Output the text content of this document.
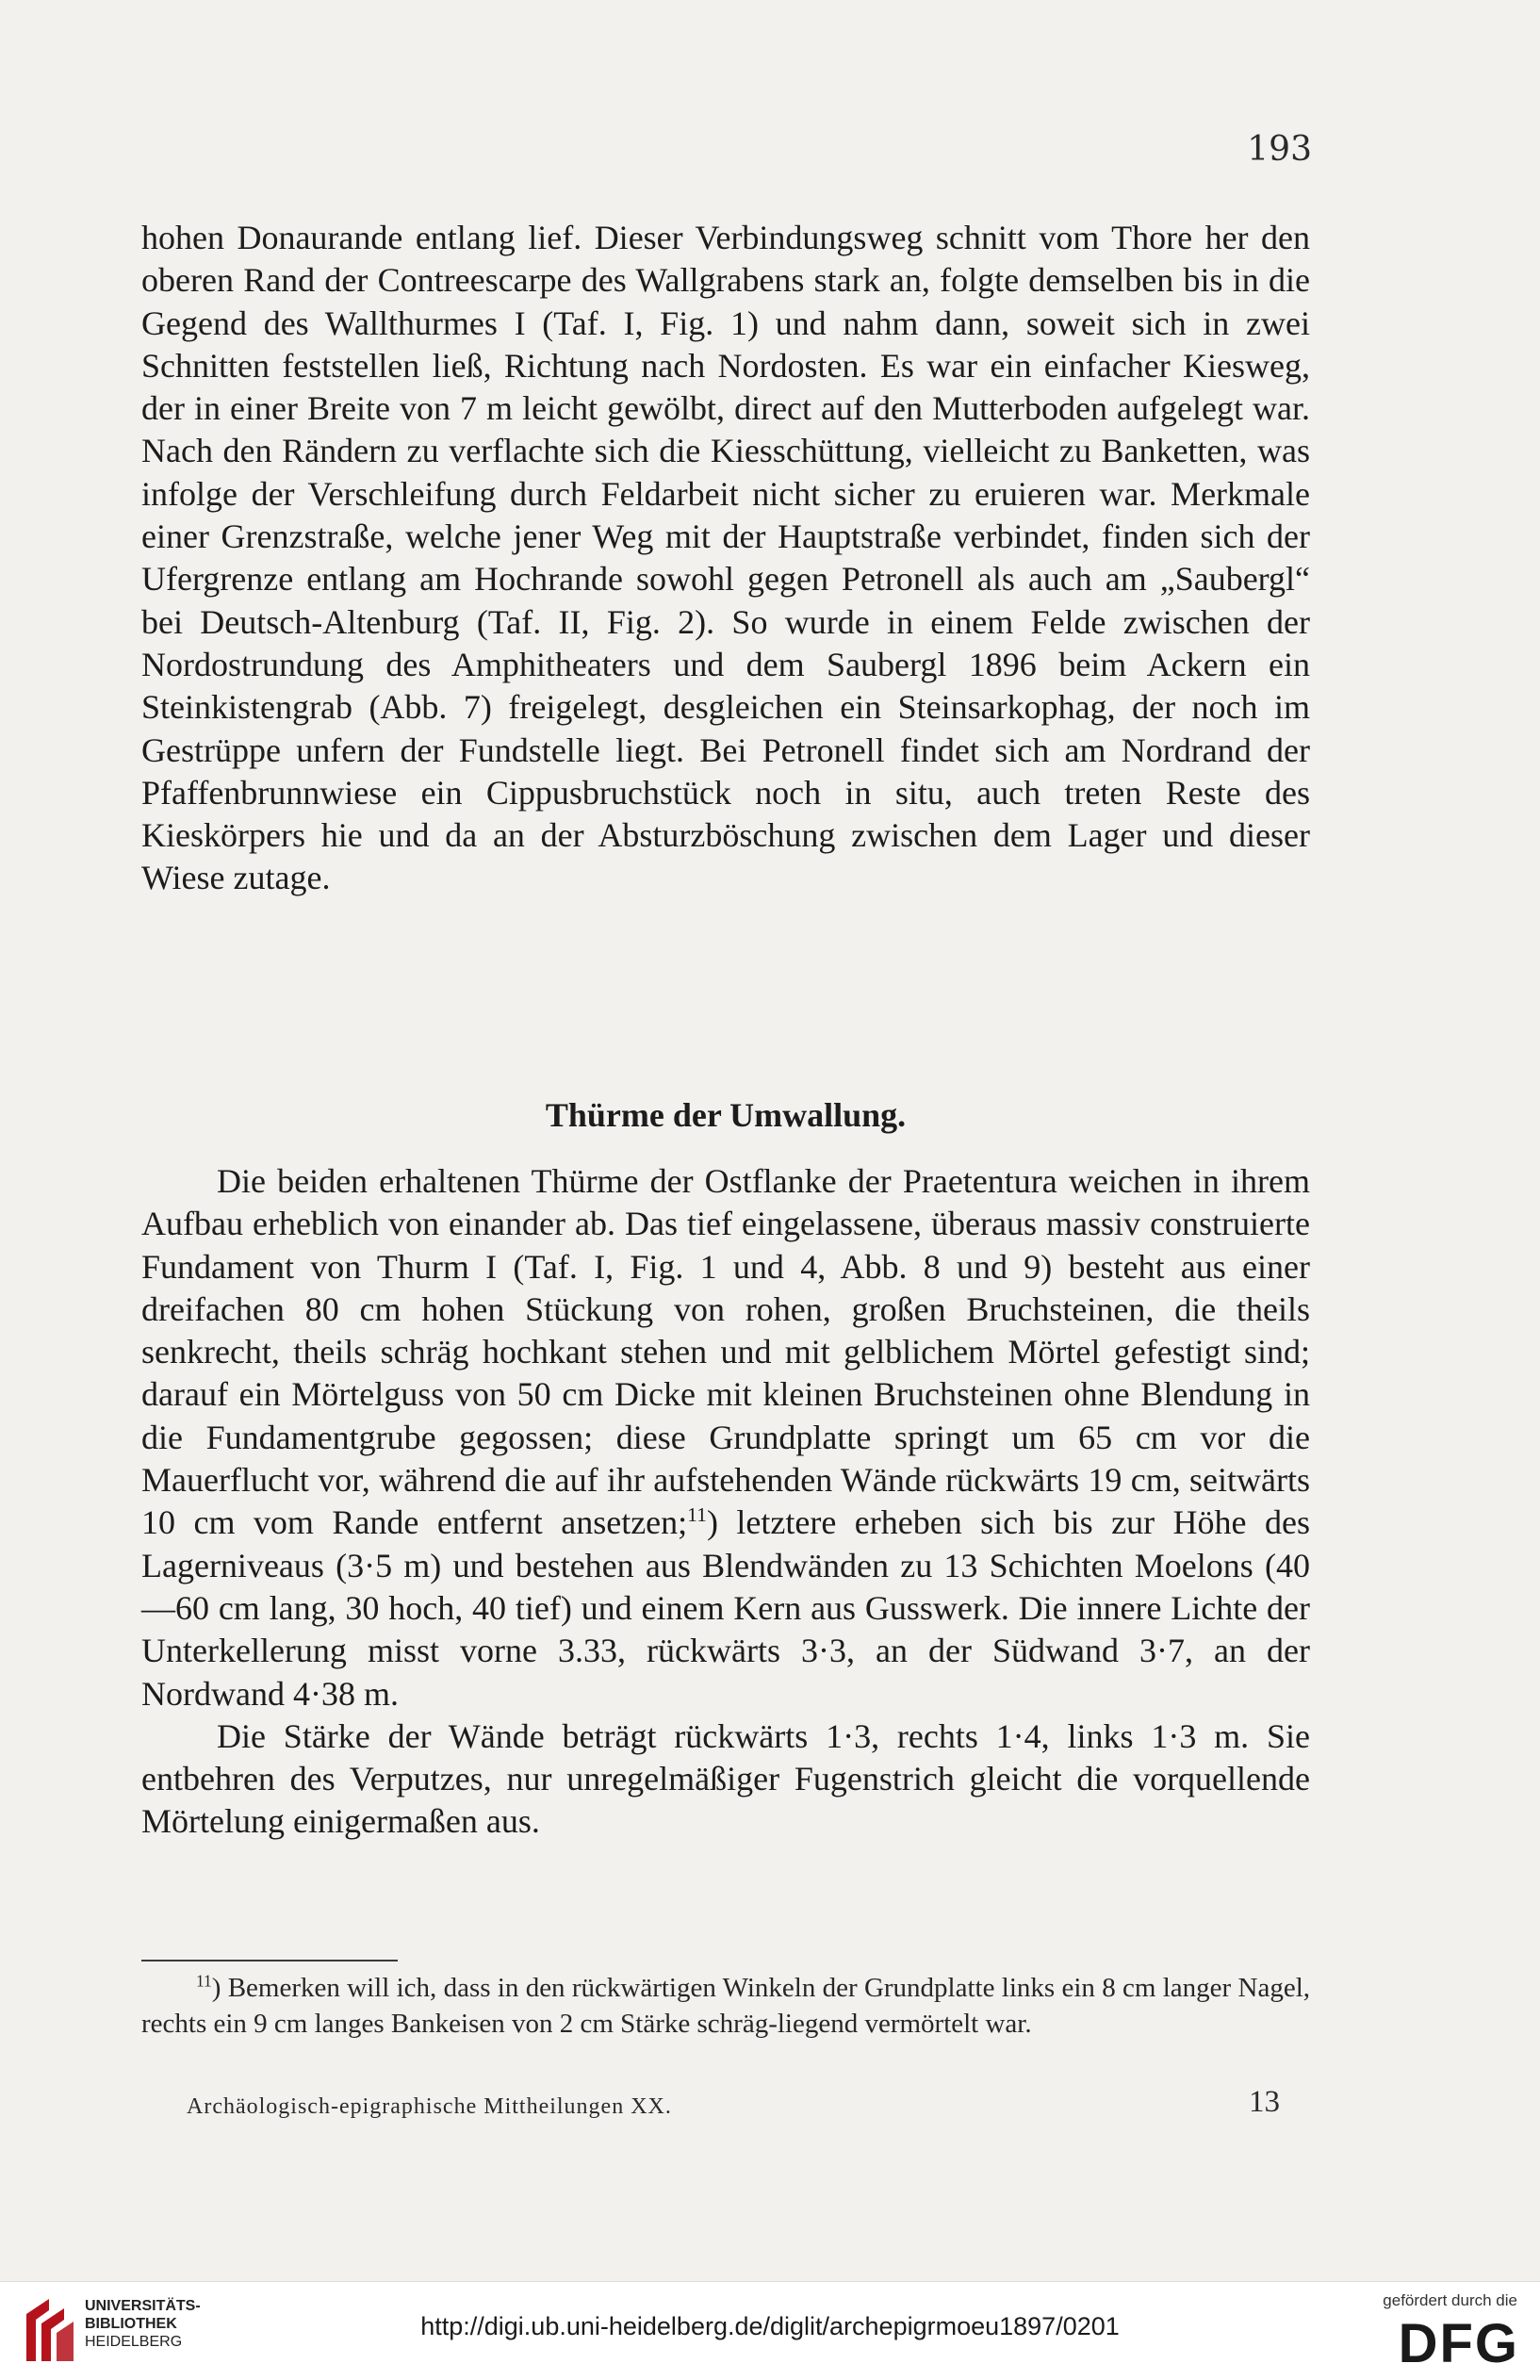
193

hohen Donaurande entlang lief. Dieser Verbindungsweg schnitt vom Thore her den oberen Rand der Contreescarpe des Wallgrabens stark an, folgte demselben bis in die Gegend des Wallthurmes I (Taf. I, Fig. 1) und nahm dann, soweit sich in zwei Schnitten feststellen ließ, Richtung nach Nordosten. Es war ein einfacher Kiesweg, der in einer Breite von 7 m leicht gewölbt, direct auf den Mutterboden aufgelegt war. Nach den Rändern zu verflachte sich die Kiesschüttung, vielleicht zu Banketten, was infolge der Verschleifung durch Feldarbeit nicht sicher zu eruieren war. Merkmale einer Grenzstraße, welche jener Weg mit der Hauptstraße verbindet, finden sich der Ufergrenze entlang am Hochrande sowohl gegen Petronell als auch am „Saubergl“ bei Deutsch-Altenburg (Taf. II, Fig. 2). So wurde in einem Felde zwischen der Nordostrundung des Amphitheaters und dem Saubergl 1896 beim Ackern ein Steinkistengrab (Abb. 7) freigelegt, desgleichen ein Steinsarkophag, der noch im Gestrüppe unfern der Fundstelle liegt. Bei Petronell findet sich am Nordrand der Pfaffenbrunnwiese ein Cippusbruchstück noch in situ, auch treten Reste des Kieskörpers hie und da an der Absturzböschung zwischen dem Lager und dieser Wiese zutage.

Thürme der Umwallung.

Die beiden erhaltenen Thürme der Ostflanke der Praetentura weichen in ihrem Aufbau erheblich von einander ab. Das tief eingelassene, überaus massiv construierte Fundament von Thurm I (Taf. I, Fig. 1 und 4, Abb. 8 und 9) besteht aus einer dreifachen 80 cm hohen Stückung von rohen, großen Bruchsteinen, die theils senkrecht, theils schräg hochkant stehen und mit gelblichem Mörtel gefestigt sind; darauf ein Mörtelguss von 50 cm Dicke mit kleinen Bruchsteinen ohne Blendung in die Fundamentgrube gegossen; diese Grundplatte springt um 65 cm vor die Mauerflucht vor, während die auf ihr aufstehenden Wände rückwärts 19 cm, seitwärts 10 cm vom Rande entfernt ansetzen;$^{11}$) letztere erheben sich bis zur Höhe des Lagerniveaus (3·5 m) und bestehen aus Blendwänden zu 13 Schichten Moelons (40—60 cm lang, 30 hoch, 40 tief) und einem Kern aus Gusswerk. Die innere Lichte der Unterkellerung misst vorne 3.33, rückwärts 3·3, an der Südwand 3·7, an der Nordwand 4·38 m.

Die Stärke der Wände beträgt rückwärts 1·3, rechts 1·4, links 1·3 m. Sie entbehren des Verputzes, nur unregelmäßiger Fugenstrich gleicht die vorquellende Mörtelung einigermaßen aus.

$^{11}$) Bemerken will ich, dass in den rückwärtigen Winkeln der Grundplatte links ein 8 cm langer Nagel, rechts ein 9 cm langes Bankeisen von 2 cm Stärke schräg-liegend vermörtelt war.
Archäologisch-epigraphische Mittheilungen XX.	13
UNIVERSITÄTS-
BIBLIOTHEK
HEIDELBERG
http://digi.ub.uni-heidelberg.de/diglit/archepigrmoeu1897/0201
gefördert durch die
DFG
